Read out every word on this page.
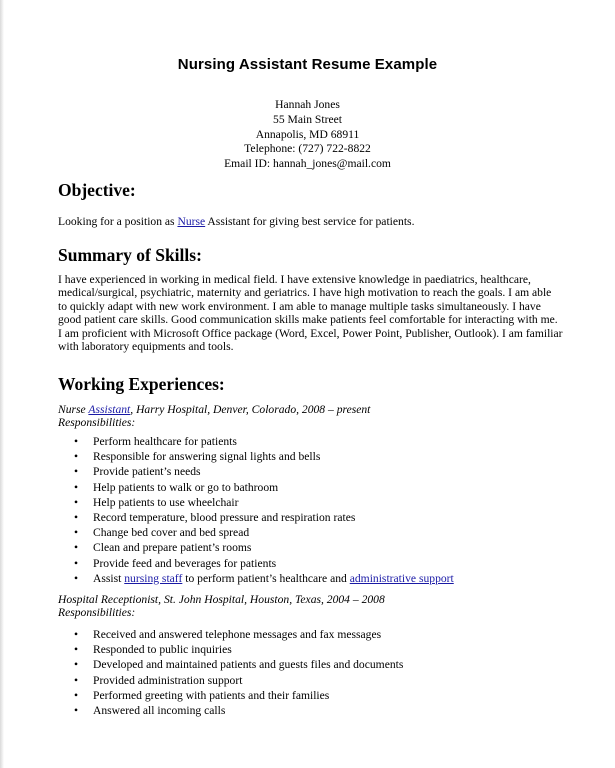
Nursing Assistant Resume Example
Hannah Jones
55 Main Street
Annapolis, MD 68911
Telephone: (727) 722-8822
Email ID: hannah_jones@mail.com
Objective:
Looking for a position as Nurse Assistant for giving best service for patients.
Summary of Skills:

I have experienced in working in medical field. I have extensive knowledge in paediatrics, healthcare, medical/surgical, psychiatric, maternity and geriatrics. I have high motivation to reach the goals. I am able to quickly adapt with new work environment. I am able to manage multiple tasks simultaneously. I have good patient care skills. Good communication skills make patients feel comfortable for interacting with me. I am proficient with Microsoft Office package (Word, Excel, Power Point, Publisher, Outlook). I am familiar with laboratory equipments and tools.

Working Experiences:
Nurse Assistant, Harry Hospital, Denver, Colorado, 2008 – present
Responsibilities:
• Perform healthcare for patients
• Responsible for answering signal lights and bells
• Provide patient’s needs
• Help patients to walk or go to bathroom
• Help patients to use wheelchair
• Record temperature, blood pressure and respiration rates
• Change bed cover and bed spread
• Clean and prepare patient’s rooms
• Provide feed and beverages for patients
• Assist nursing staff to perform patient’s healthcare and administrative support
Hospital Receptionist, St. John Hospital, Houston, Texas, 2004 – 2008
Responsibilities:
• Received and answered telephone messages and fax messages
• Responded to public inquiries
• Developed and maintained patients and guests files and documents
• Provided administration support
• Performed greeting with patients and their families
• Answered all incoming calls
